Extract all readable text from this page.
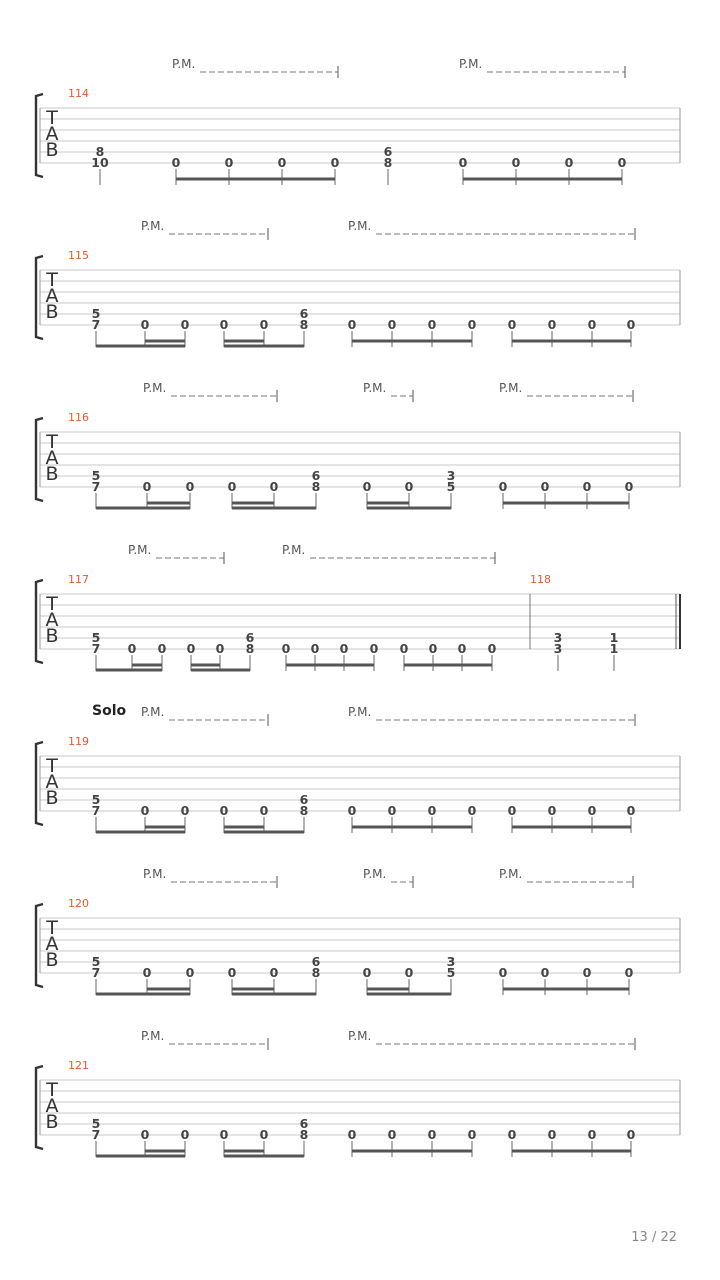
T
A
B
114
P.M.	P.M.
8
10	0	0	0	0
6
8	0	0	0	0
T
A
B
115
P.M.	P.M.
5
7	0	0 0	0
6
8	0	0	0	0	0	0	0 0
T
A
B
116
P.M.	P.M.	P.M.
5
7	0	0	0	0
6
8	0	0
3
5	0	0	0	0
T
A
B
117	118
P.M.	P.M.
5
7 0 0 0 0
6
8 0 0 0 0 0 0 0 0
3
3
1
1
T
A
B
119
Solo P.M.	P.M.
5
7	0	0 0	0
6
8	0	0	0	0	0	0	0 0
T
A
B
120
P.M.	P.M.	P.M.
5
7	0	0	0	0
6
8	0	0
3
5	0	0	0	0
T
A
B
121
P.M.	P.M.
5
7	0	0 0	0
6
8	0	0	0	0	0	0	0 0
13 / 22
